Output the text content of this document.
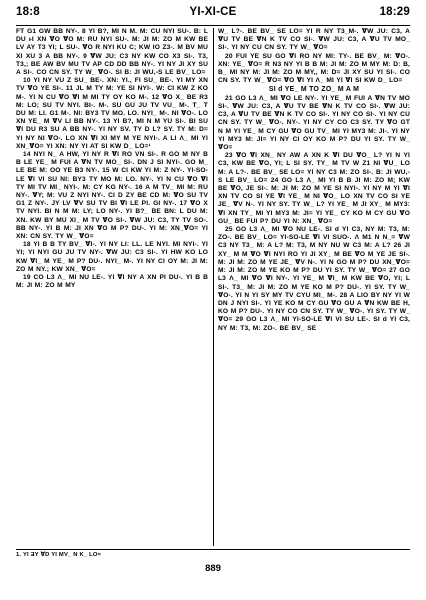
18:8	YI-XI-CE	18:29

FT G1 GW BB NY-. 8 YI B?, MI N M. M: CU NYI SU-. B: L DU ⱶI XN ⱯO ⱯO M: RU NYI SU-. M: JI M: ZO M KW BE LV AY T3 YI; L SU-. ⱯO R NYI KU C; KW IO Z3-. M BV MU XI XU 3 A BB NY-. 9 ⱯW JU: C3 NY KW CO X3 SI-. T3, T3,; BE AW BV MU TV AP CD DD BB NY-. YI NY JI XY SU A SI-. CO CN SY. TY W_ ⱯO-. SI B: JI WU,-S LE BV_ LO=

10 YI NY VU Z SU_ BE-. XN: YI., FI SU_ BE-. YI MY XN TV ⱯO YE SI-. 11 JL M TY M: YE SI NYI-. W: CI KW Z KO M-. YI N CU ⱯO ⱯI M MI TY OY KO M-. 12 ⱯO X_ BE R3 M: LO; SU TV NYI. BI-. M-. SU GU JU TV VU_ M-. T_ T DU M: LI. G1 M-. NI: BY3 TV MO. LO. NYI_ M-. NI ⱯO-. LO XN YE_ M ⱯV LI BB NY-. 13 YI B?, MI N M YU SI-. BI SU ⱯI DU R3 SU A BB NY-. YI NY SV. TY D L? SY. TY M: D= YI NY NI ⱯO-. LO XN ⱯI XI MY M YE NYI-. A LI Ʌ_ MI YI XN_ⱯO= YI XN: NY YI AT SI KW D_ LO=¹

14 NYI N_ A HW, YI NY R ⱯI RO VN SI-. R GO M NY B B LE YE_ M FUI A ⱯN TV MO_ SI-. DN J SI NYI-. GO M_ LE BE M: OO YE B3 NY-. 15 W CI KW YI M: Z NY-. YI-SO-LE ⱯI VI SU NI: BY3 TY MO M: LO. NY-. YI N CU ⱯO ⱯI TY MI TV MI_ NYI-. M: CY KG NY-. 16 A M TV_ MI M: RU NY-. ⱯY; M: VU Z NYI NY-. CI D ZY BE CD M: ⱯO SU TV G1 Z NY-. JY LV ⱯV SU TV BI ⱯI LE PI. GI NY-. 17 ⱯO X TV NYI. BI N M M: LY; LO NY-. YI B?_ BE BN: L DU M: XN. KW BY MU XI_ M TV ⱯO SI-. ⱯW JU: C3, TY TV SO-. BB NY-. YI B M: JI XN ⱯO M P? DU-. YI M: XN_ⱯO= YI XN: CN SY. TY W_ ⱯO=

18 YI B B TY BV_ ⱯI-. YI NY LI: LL. LE NYI. MI NYI-. YI YI; YI NYI GU JU TV NY-. ⱯW JU: C3 SI-. YI HW KO LO KW ⱯI_ M YE_ M P? DU-. NYI_ M-. YI NY CI OY M: JI M: ZO M NY.; KW XN_ ⱯO=

19 CO L3 Ʌ_ MI NU LE-. YI ⱯI NY A XN PI DU-. YI B B M: JI M: ZO M MY

W_ L?-. BE BV_ SE LO= YI R NY T3_M-. ⱯW JU: C3, A ⱯU TV BE ⱯN K TV CO SI-. ⱯW JU: C3, A ⱯU TV MO_ SI-. YI NY CU CN SY. TY W_ ⱯO=

20 FUI YE SU GO ⱯI RO NY MI: TY-. BE BV_ M: ⱯO-. XN: YE_ ⱯO= R N3 NY YI B B M: JI M: ZO M MY M: D: B, B_ MI NY M: JI M: ZO M MY,, M: D= JI XY SU YI SI-. CO CN SY. TY W_ ⱯO= ⱯO ⱯI YI Ʌ_ MI YI ⱯI SI KW D_ LO=

SI d YE_ M TO ZO_ M A M

21 GO L3 Ʌ_ MI ⱯO LE NY-. YI YE_ M FUI A ⱯN TV MO SI-. ⱯW JU: C3, A ⱯU TV BE ⱯN K TV CO SI-. ⱯW JU: C3, A ⱯU TV BE ⱯN K TV CO SI-. YI NY CO SI-. YI NY CU CN SY. TY W_ ⱯO-. NY-. YI NY CY CO C3 SY. TY ⱯO GT N M YI YE_ M CY GU ⱯO GU TV_ MI YI MY3 M: JI-. YI NY YI MY3 M: JI= YI NY CI OY KO M P? DU YI SY. TY W_ ⱯO=

23 ⱯO ⱯI XN_ NY AW A XN K ⱯI DU ⱯO_ L? YI N YI C3, KW BE ⱯO, YI; L SI SY. TY_ M TV W Z1 NI ⱯU_ LO M: A L?-. BE BV_ SE LO= YI NY C3 M: ZO SI-. B: JI WU,-S LE BV_ LO= 24 GO L3 Ʌ_ MI YI B B JI M: ZO M; KW BE ⱯO, JE SI-. M: JI M: ZO M YE SI NYI-. YI NY M YI ⱯI XN TV CO SI YE ⱯI YE_ M NI ⱯO_ LO XN TV CO SI YE JE_ ⱯV N-. YI NY SY. TY W_ L? YI YE_ M JI XY_ M MY3: ⱯI XN TY_ MI YI MY3 M: JI= YI YE_ CY KO M CY GU ⱯO GU_ BE FUI P? DU YI N: XN_ ⱯO=

25 GO L3 Ʌ_ MI ⱯO NU LE-. SI d YI C3, NY M: T3, M: ZO-. BE BV_ LO= YI-SO-LE ⱯI VI SUO-. Ʌ M1 N N_= ⱯW C3 NY T3_ M: A L? M: T3, M NY NU W C3 M: A L? 26 JI XY_ M M ⱯO ⱯI NYI RO YI JI XY_ M BE ⱯO M YE JE SI-. M: JI M: ZO M YE JE_ ⱯV N-. YI N GO M P? DU XN_ⱯO= M: JI M: ZO M YE KO M P? DU YI SY. TY W_ ⱯO= 27 GO L3 Ʌ_ MI ⱯO ⱯI NY-. YI YE_ M ⱯI_ M KW BE ⱯO, YI; L SI-. T3_ M: JI M: ZO M YE KO M P? DU-. YI SY. TY W_ ⱯO-. YI N YI SY MY TV CYU MI_ M-. 28 A LIO BY NY YI W DN J NYI SI-. YI YE KO M CY GU ⱯO GU A ⱯN KW BE H, KO M P? DU-. YI NY CO CN SY. TY W_ ⱯO-. YI SY. TY W_ ⱯO= 29 GO L3 Ʌ_ MI YI-SO-LE ⱯI VI SU LE-. SI d YI C3, NY M: T3, M: ZO-. BE BV_ SE

1. YI ƎY ⱯD YI MV_ N K_ LO=
889
